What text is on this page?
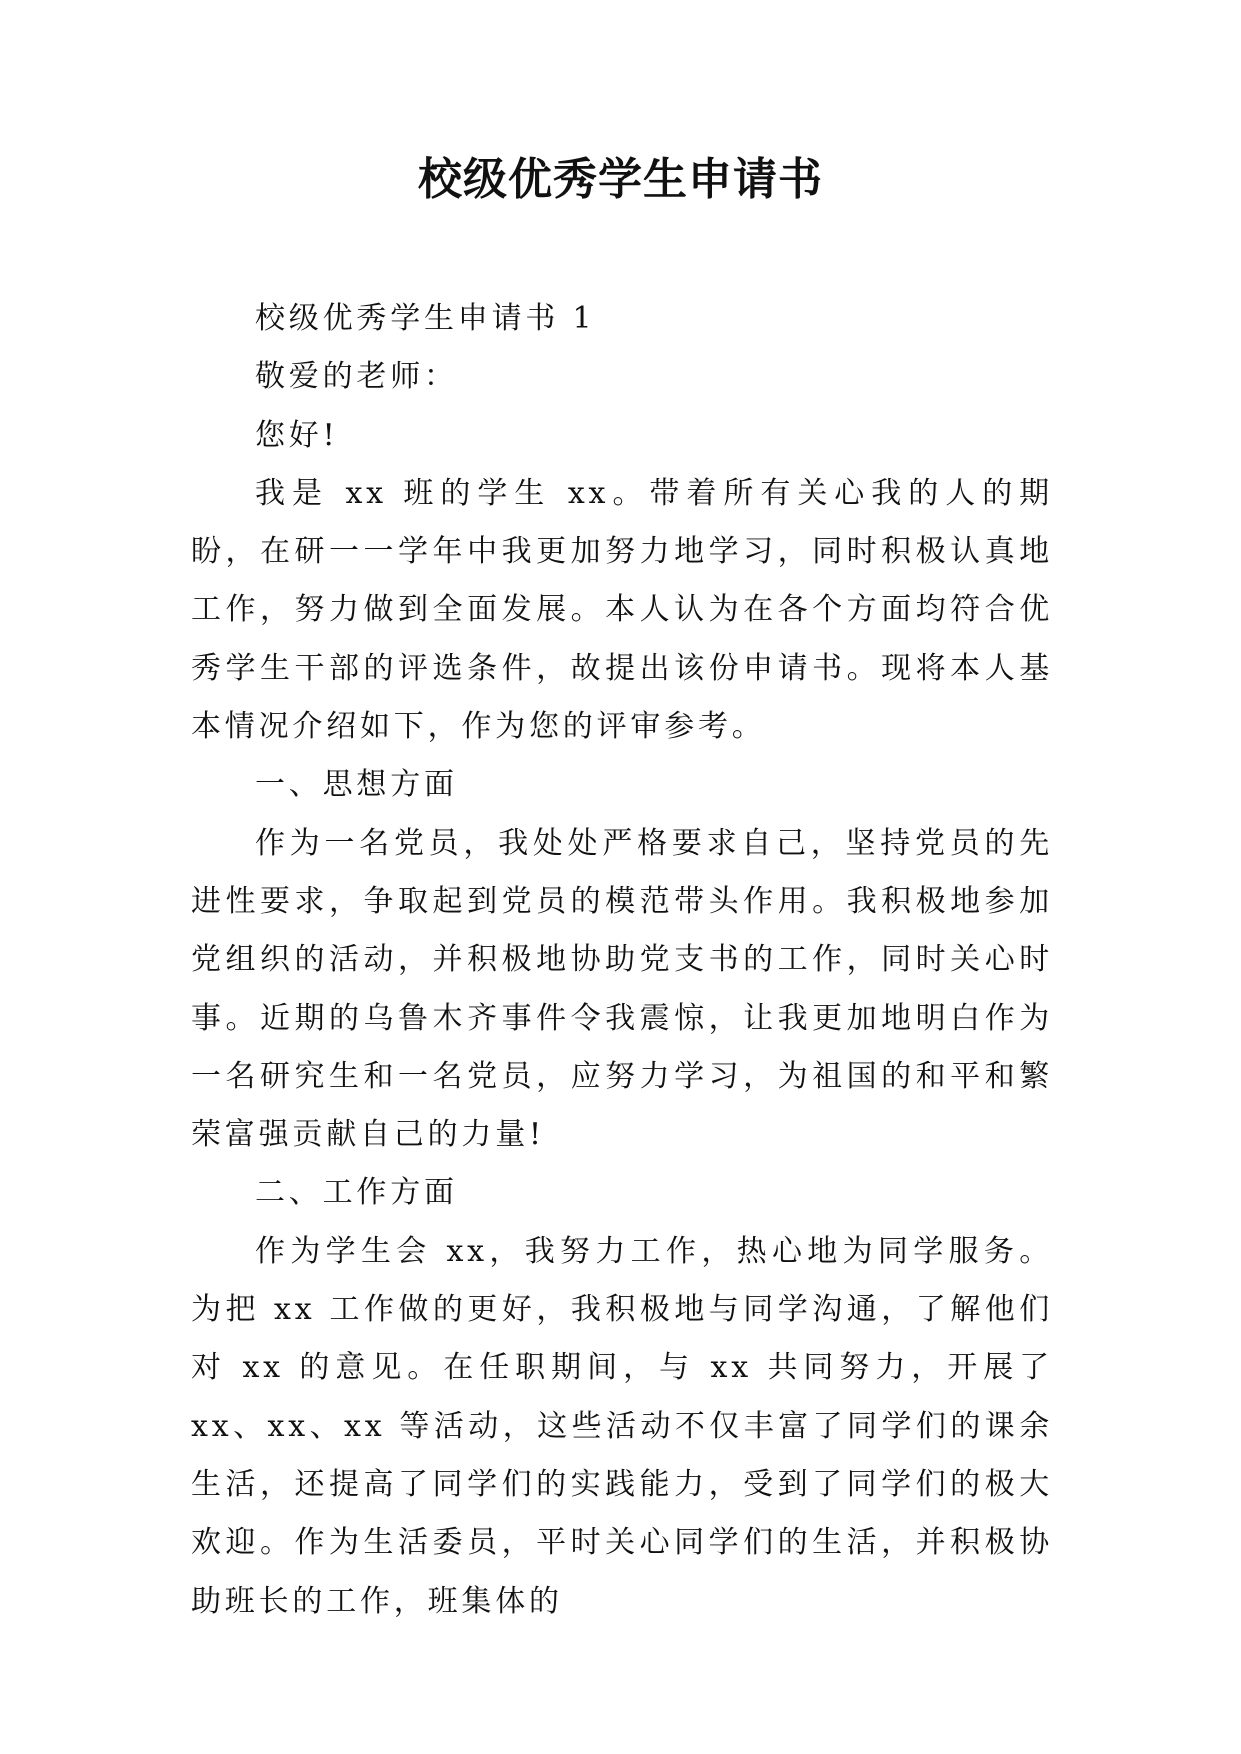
校级优秀学生申请书

校级优秀学生申请书 1

敬爱的老师：

您好!

我是 xx 班的学生 xx。带着所有关心我的人的期盼，在研一一学年中我更加努力地学习，同时积极认真地工作，努力做到全面发展。本人认为在各个方面均符合优秀学生干部的评选条件，故提出该份申请书。现将本人基本情况介绍如下，作为您的评审参考。

一、思想方面

作为一名党员，我处处严格要求自己，坚持党员的先进性要求，争取起到党员的模范带头作用。我积极地参加党组织的活动，并积极地协助党支书的工作，同时关心时事。近期的乌鲁木齐事件令我震惊，让我更加地明白作为一名研究生和一名党员，应努力学习，为祖国的和平和繁荣富强贡献自己的力量!

二、工作方面

作为学生会 xx，我努力工作，热心地为同学服务。为把 xx 工作做的更好，我积极地与同学沟通，了解他们对 xx 的意见。在任职期间，与 xx 共同努力，开展了 xx、xx、xx 等活动，这些活动不仅丰富了同学们的课余生活，还提高了同学们的实践能力，受到了同学们的极大欢迎。作为生活委员，平时关心同学们的生活，并积极协助班长的工作，班集体的
